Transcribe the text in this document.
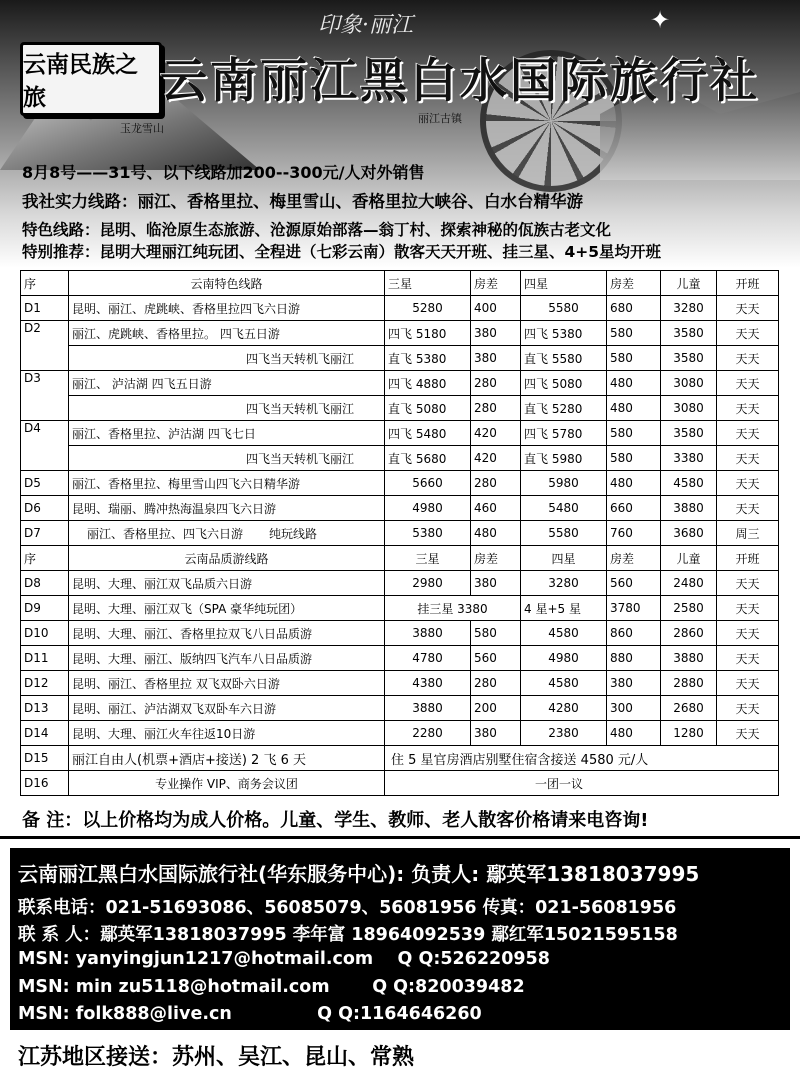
印象·丽江	✦
云南民族之旅	云南丽江黑白水国际旅行社
玉龙雪山
丽江古镇
8月8号——31号、以下线路加200--300元/人对外销售
我社实力线路：丽江、香格里拉、梅里雪山、香格里拉大峡谷、白水台精华游
特色线路：昆明、临沧原生态旅游、沧源原始部落—翁丁村、探索神秘的佤族古老文化
特别推荐：昆明大理丽江纯玩团、全程进（七彩云南）散客天天开班、挂三星、4+5星均开班
序	云南特色线路	三星	房差	四星	房差	儿童	开班
D1	昆明、丽江、虎跳峡、香格里拉四飞六日游	5280	400	5580	680	3280	天天
D2	丽江、虎跳峡、香格里拉。 四飞五日游	四飞 5180	380	四飞 5380	580	3580	天天
	四飞当天转机飞丽江	直飞 5380	380	直飞 5580	580	3580	天天
D3	丽江、 泸沽湖 四飞五日游	四飞 4880	280	四飞 5080	480	3080	天天
	四飞当天转机飞丽江	直飞 5080	280	直飞 5280	480	3080	天天
D4	丽江、香格里拉、泸沽湖 四飞七日	四飞 5480	420	四飞 5780	580	3580	天天
	四飞当天转机飞丽江	直飞 5680	420	直飞 5980	580	3380	天天
D5	丽江、香格里拉、梅里雪山四飞六日精华游	5660	280	5980	480	4580	天天
D6	昆明、瑞丽、腾冲热海温泉四飞六日游	4980	460	5480	660	3880	天天
D7	丽江、香格里拉、四飞六日游 纯玩线路	5380	480	5580	760	3680	周三
序	云南品质游线路	三星	房差	四星	房差	儿童	开班
D8	昆明、大理、丽江双飞品质六日游	2980	380	3280	560	2480	天天
D9	昆明、大理、丽江双飞（SPA 豪华纯玩团）	挂三星 3380		4 星+5 星	3780	2580	天天
D10	昆明、大理、丽江、香格里拉双飞八日品质游	3880	580	4580	860	2860	天天
D11	昆明、大理、丽江、版纳四飞汽车八日品质游	4780	560	4980	880	3880	天天
D12	昆明、丽江、香格里拉 双飞双卧六日游	4380	280	4580	380	2880	天天
D13	昆明、丽江、泸沽湖双飞双卧车六日游	3880	200	4280	300	2680	天天
D14	昆明、大理、丽江火车往返10日游	2280	380	2380	480	1280	天天
D15	丽江自由人(机票+酒店+接送) 2 飞 6 天	住 5 星官房酒店别墅住宿含接送 4580 元/人					
D16	专业操作 VIP、商务会议团	一团一议					
备 注：以上价格均为成人价格。儿童、学生、教师、老人散客价格请来电咨询!
云南丽江黑白水国际旅行社(华东服务中心): 负责人: 鄢英军13818037995
联系电话：021-51693086、56085079、56081956 传真：021-56081956
联 系 人：鄢英军13818037995 李年富 18964092539 鄢红军15021595158
MSN: yanyingjun1217@hotmail.com    Q Q:526220958
MSN: min zu5118@hotmail.com       Q Q:820039482
MSN: folk888@live.cn              Q Q:1164646260
江苏地区接送：苏州、吴江、昆山、常熟
